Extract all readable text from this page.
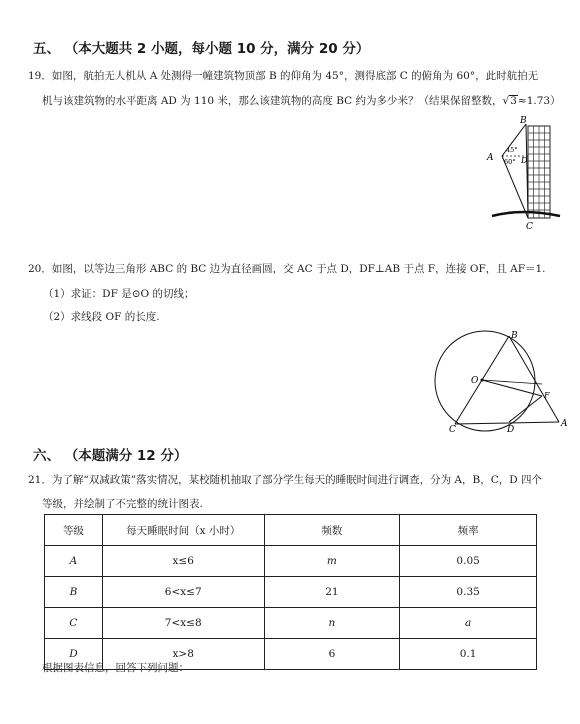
五、 （本大题共 2 小题，每小题 10 分，满分 20 分）
19．如图，航拍无人机从 A 处测得一幢建筑物顶部 B 的仰角为 45°，测得底部 C 的俯角为 60°，此时航拍无
机与该建筑物的水平距离 AD 为 110 米，那么该建筑物的高度 BC 约为多少米？（结果保留整数，√3≈1.73）
B
A	D
C
45°
60°
20．如图，以等边三角形 ABC 的 BC 边为直径画圆，交 AC 于点 D，DF⊥AB 于点 F，连接 OF，且 AF＝1.
（1）求证：DF 是⊙O 的切线；
（2）求线段 OF 的长度.
B
O
F
C	D
A
六、 （本题满分 12 分）
21．为了解“双减政策”落实情况，某校随机抽取了部分学生每天的睡眠时间进行调查，分为 A，B，C，D 四个
等级，并绘制了不完整的统计图表.
等级	每天睡眠时间（x 小时）	频数	频率
A	x≤6	m	0.05
B	6<x≤7	21	0.35
C	7<x≤8	n	a
D	x>8	6	0.1
根据图表信息，回答下列问题：
